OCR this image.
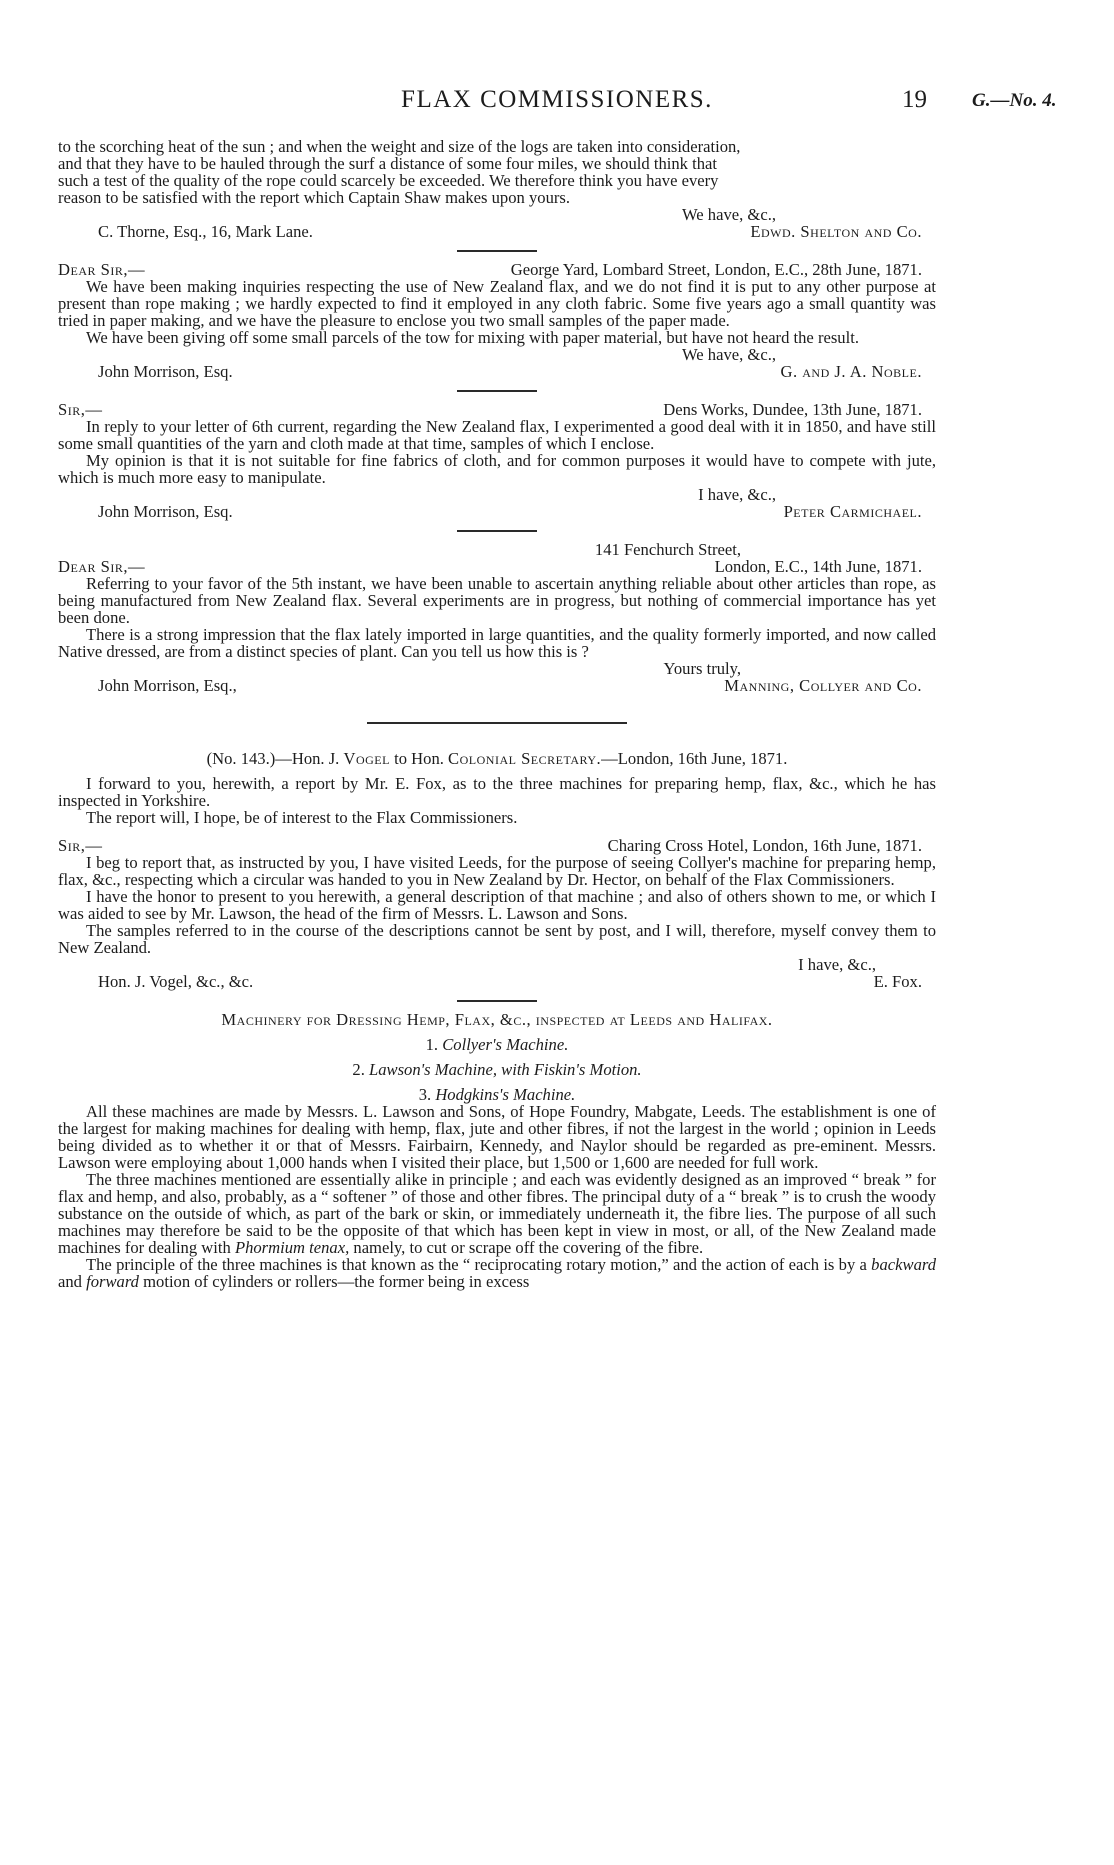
FLAX COMMISSIONERS.	19 G.—No. 4.

to the scorching heat of the sun ; and when the weight and size of the logs are taken into consideration,

and that they have to be hauled through the surf a distance of some four miles, we should think that

such a test of the quality of the rope could scarcely be exceeded. We therefore think you have every

reason to be satisfied with the report which Captain Shaw makes upon yours.

We have, &c.,
C. Thorne, Esq., 16, Mark Lane.	Edwd. Shelton and Co.
Dear Sir,—	George Yard, Lombard Street, London, E.C., 28th June, 1871.

We have been making inquiries respecting the use of New Zealand flax, and we do not find it is put to any other purpose at present than rope making ; we hardly expected to find it employed in any cloth fabric. Some five years ago a small quantity was tried in paper making, and we have the pleasure to enclose you two small samples of the paper made.

We have been giving off some small parcels of the tow for mixing with paper material, but have not heard the result.

We have, &c.,
John Morrison, Esq.	G. and J. A. Noble.
Sir,—	Dens Works, Dundee, 13th June, 1871.

In reply to your letter of 6th current, regarding the New Zealand flax, I experimented a good deal with it in 1850, and have still some small quantities of the yarn and cloth made at that time, samples of which I enclose.

My opinion is that it is not suitable for fine fabrics of cloth, and for common purposes it would have to compete with jute, which is much more easy to manipulate.

I have, &c.,
John Morrison, Esq.	Peter Carmichael.
141 Fenchurch Street,
Dear Sir,—	London, E.C., 14th June, 1871.

Referring to your favor of the 5th instant, we have been unable to ascertain anything reliable about other articles than rope, as being manufactured from New Zealand flax. Several experiments are in progress, but nothing of commercial importance has yet been done.

There is a strong impression that the flax lately imported in large quantities, and the quality formerly imported, and now called Native dressed, are from a distinct species of plant. Can you tell us how this is ?

Yours truly,
John Morrison, Esq.,	Manning, Collyer and Co.
(No. 143.)—Hon. J. Vogel to Hon. Colonial Secretary.—London, 16th June, 1871.

I forward to you, herewith, a report by Mr. E. Fox, as to the three machines for preparing hemp, flax, &c., which he has inspected in Yorkshire.

The report will, I hope, be of interest to the Flax Commissioners.

Sir,—	Charing Cross Hotel, London, 16th June, 1871.

I beg to report that, as instructed by you, I have visited Leeds, for the purpose of seeing Collyer's machine for preparing hemp, flax, &c., respecting which a circular was handed to you in New Zealand by Dr. Hector, on behalf of the Flax Commissioners.

I have the honor to present to you herewith, a general description of that machine ; and also of others shown to me, or which I was aided to see by Mr. Lawson, the head of the firm of Messrs. L. Lawson and Sons.

The samples referred to in the course of the descriptions cannot be sent by post, and I will, therefore, myself convey them to New Zealand.

I have, &c.,
Hon. J. Vogel, &c., &c.	E. Fox.
Machinery for Dressing Hemp, Flax, &c., inspected at Leeds and Halifax.
1. Collyer's Machine.
2. Lawson's Machine, with Fiskin's Motion.
3. Hodgkins's Machine.

All these machines are made by Messrs. L. Lawson and Sons, of Hope Foundry, Mabgate, Leeds. The establishment is one of the largest for making machines for dealing with hemp, flax, jute and other fibres, if not the largest in the world ; opinion in Leeds being divided as to whether it or that of Messrs. Fairbairn, Kennedy, and Naylor should be regarded as pre-eminent. Messrs. Lawson were employing about 1,000 hands when I visited their place, but 1,500 or 1,600 are needed for full work.

The three machines mentioned are essentially alike in principle ; and each was evidently designed as an improved “ break ” for flax and hemp, and also, probably, as a “ softener ” of those and other fibres. The principal duty of a “ break ” is to crush the woody substance on the outside of which, as part of the bark or skin, or immediately underneath it, the fibre lies. The purpose of all such machines may therefore be said to be the opposite of that which has been kept in view in most, or all, of the New Zealand made machines for dealing with Phormium tenax, namely, to cut or scrape off the covering of the fibre.

The principle of the three machines is that known as the “ reciprocating rotary motion,” and the action of each is by a backward and forward motion of cylinders or rollers—the former being in excess
